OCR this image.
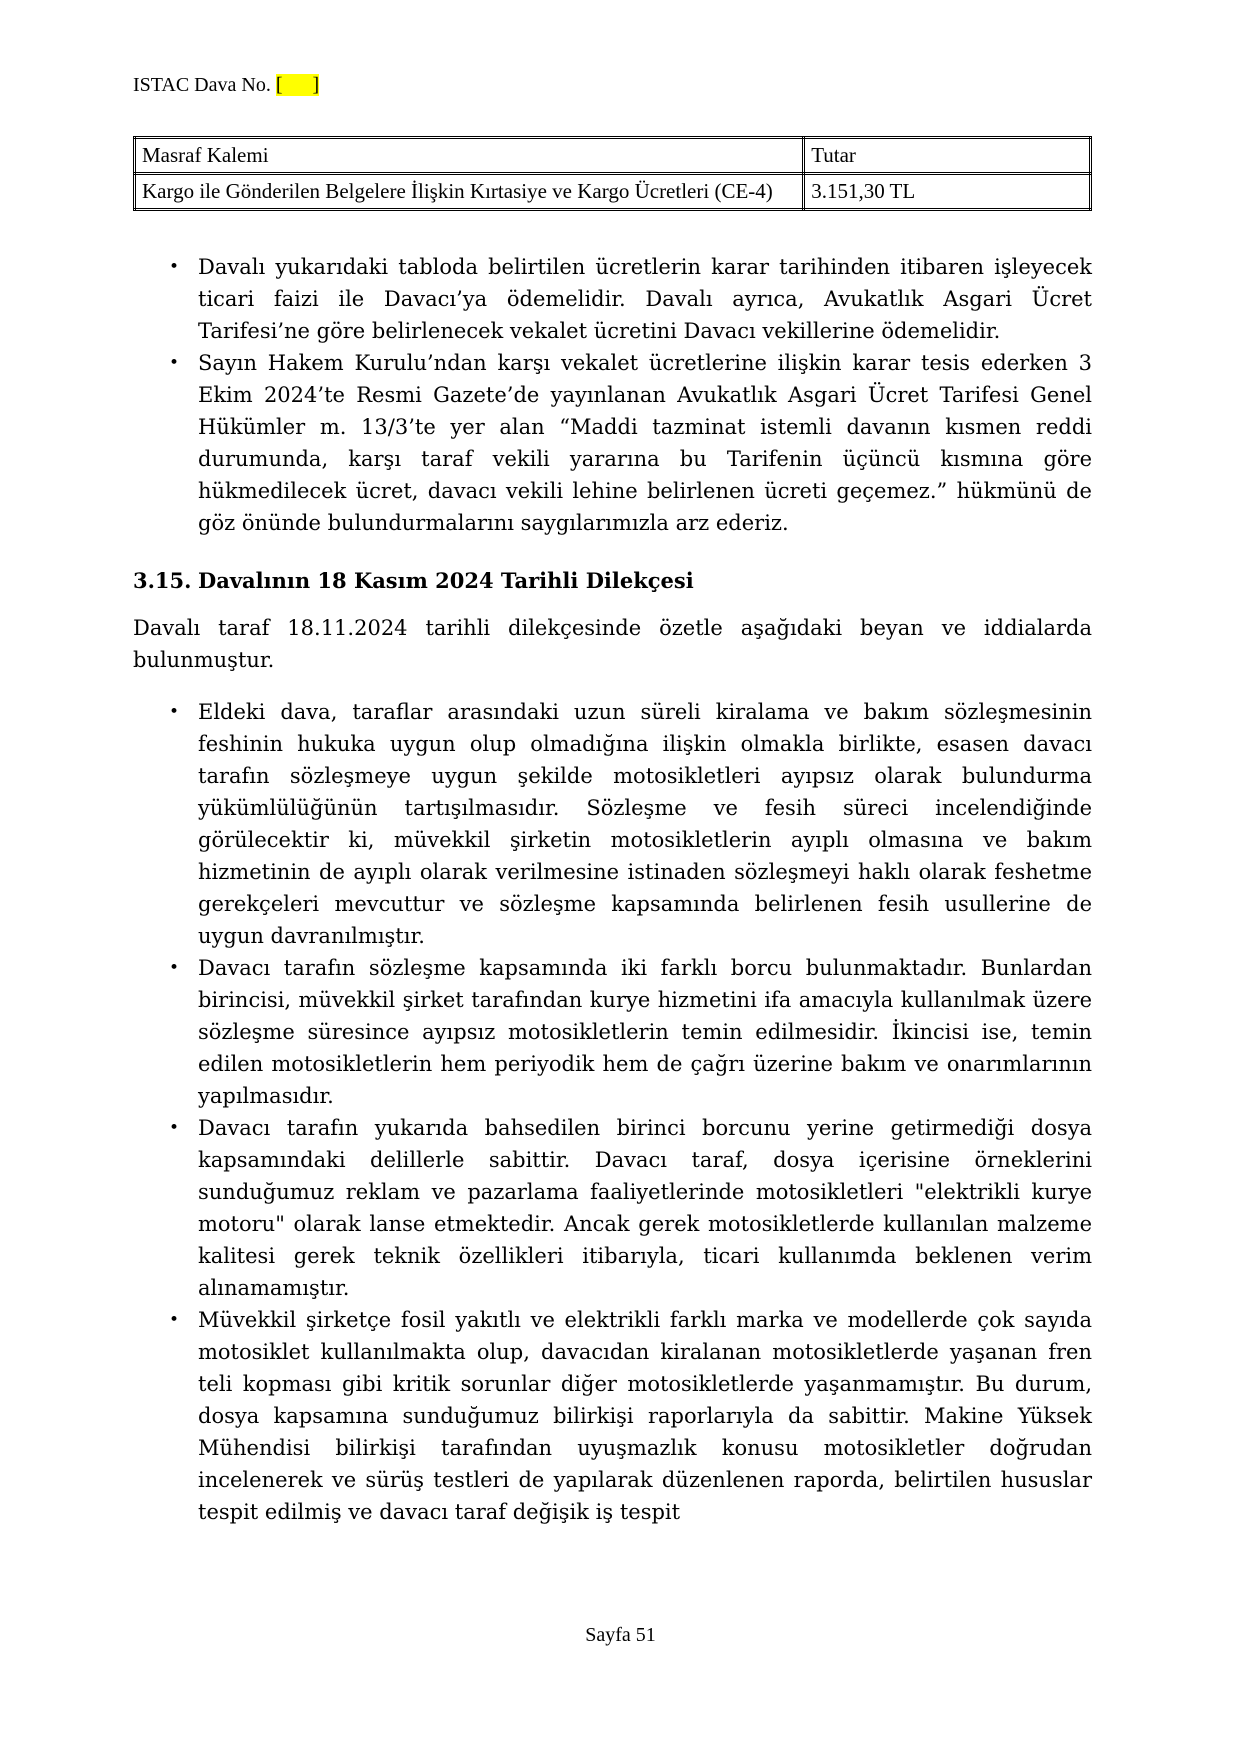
ISTAC Dava No. [      ]
Masraf Kalemi	Tutar
Kargo ile Gönderilen Belgelere İlişkin Kırtasiye ve Kargo Ücretleri (CE-4)	3.151,30 TL
• Davalı yukarıdaki tabloda belirtilen ücretlerin karar tarihinden itibaren işleyecek ticari faizi ile Davacı’ya ödemelidir. Davalı ayrıca, Avukatlık Asgari Ücret Tarifesi’ne göre belirlenecek vekalet ücretini Davacı vekillerine ödemelidir.
• Sayın Hakem Kurulu’ndan karşı vekalet ücretlerine ilişkin karar tesis ederken 3 Ekim 2024’te Resmi Gazete’de yayınlanan Avukatlık Asgari Ücret Tarifesi Genel Hükümler m. 13/3’te yer alan “Maddi tazminat istemli davanın kısmen reddi durumunda, karşı taraf vekili yararına bu Tarifenin üçüncü kısmına göre hükmedilecek ücret, davacı vekili lehine belirlenen ücreti geçemez.” hükmünü de göz önünde bulundurmalarını saygılarımızla arz ederiz.
3.15. Davalının 18 Kasım 2024 Tarihli Dilekçesi
Davalı taraf 18.11.2024 tarihli dilekçesinde özetle aşağıdaki beyan ve iddialarda bulunmuştur.
• Eldeki dava, taraflar arasındaki uzun süreli kiralama ve bakım sözleşmesinin feshinin hukuka uygun olup olmadığına ilişkin olmakla birlikte, esasen davacı tarafın sözleşmeye uygun şekilde motosikletleri ayıpsız olarak bulundurma yükümlülüğünün tartışılmasıdır. Sözleşme ve fesih süreci incelendiğinde görülecektir ki, müvekkil şirketin motosikletlerin ayıplı olmasına ve bakım hizmetinin de ayıplı olarak verilmesine istinaden sözleşmeyi haklı olarak feshetme gerekçeleri mevcuttur ve sözleşme kapsamında belirlenen fesih usullerine de uygun davranılmıştır.
• Davacı tarafın sözleşme kapsamında iki farklı borcu bulunmaktadır. Bunlardan birincisi, müvekkil şirket tarafından kurye hizmetini ifa amacıyla kullanılmak üzere sözleşme süresince ayıpsız motosikletlerin temin edilmesidir. İkincisi ise, temin edilen motosikletlerin hem periyodik hem de çağrı üzerine bakım ve onarımlarının yapılmasıdır.
• Davacı tarafın yukarıda bahsedilen birinci borcunu yerine getirmediği dosya kapsamındaki delillerle sabittir. Davacı taraf, dosya içerisine örneklerini sunduğumuz reklam ve pazarlama faaliyetlerinde motosikletleri "elektrikli kurye motoru" olarak lanse etmektedir. Ancak gerek motosikletlerde kullanılan malzeme kalitesi gerek teknik özellikleri itibarıyla, ticari kullanımda beklenen verim alınamamıştır.
• Müvekkil şirketçe fosil yakıtlı ve elektrikli farklı marka ve modellerde çok sayıda motosiklet kullanılmakta olup, davacıdan kiralanan motosikletlerde yaşanan fren teli kopması gibi kritik sorunlar diğer motosikletlerde yaşanmamıştır. Bu durum, dosya kapsamına sunduğumuz bilirkişi raporlarıyla da sabittir. Makine Yüksek Mühendisi bilirkişi tarafından uyuşmazlık konusu motosikletler doğrudan incelenerek ve sürüş testleri de yapılarak düzenlenen raporda, belirtilen hususlar tespit edilmiş ve davacı taraf değişik iş tespit
Sayfa 51
